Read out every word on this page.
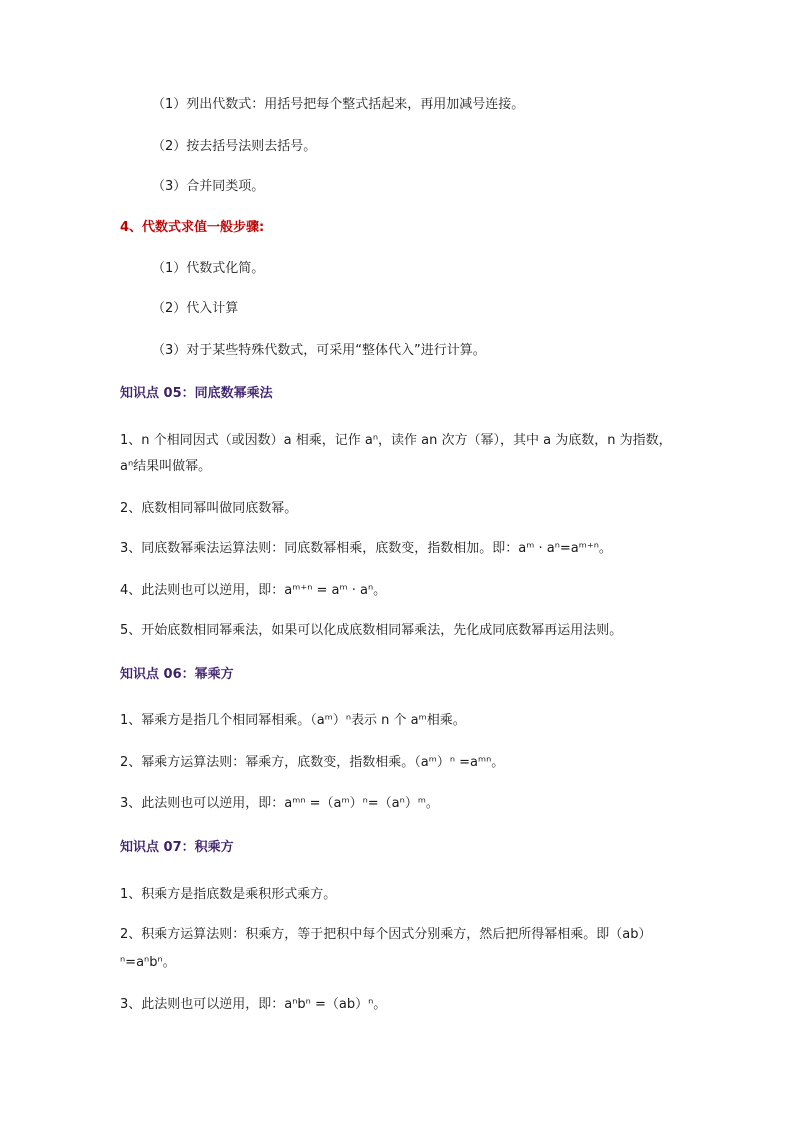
（1）列出代数式：用括号把每个整式括起来，再用加减号连接。
（2）按去括号法则去括号。
（3）合并同类项。
4、代数式求值一般步骤:
（1）代数式化简。
（2）代入计算
（3）对于某些特殊代数式，可采用“整体代入”进行计算。
知识点 05：同底数幂乘法
1、n 个相同因式（或因数）a 相乘，记作 aⁿ，读作 an 次方（幂），其中 a 为底数，n 为指数，
aⁿ结果叫做幂。
2、底数相同幂叫做同底数幂。
3、同底数幂乘法运算法则：同底数幂相乘，底数变，指数相加。即：aᵐ · aⁿ=aᵐ⁺ⁿ。
4、此法则也可以逆用，即：aᵐ⁺ⁿ = aᵐ · aⁿ。
5、开始底数相同幂乘法，如果可以化成底数相同幂乘法，先化成同底数幂再运用法则。
知识点 06：幂乘方
1、幂乘方是指几个相同幂相乘。（aᵐ）ⁿ表示 n 个 aᵐ相乘。
2、幂乘方运算法则：幂乘方，底数变，指数相乘。（aᵐ）ⁿ =aᵐⁿ。
3、此法则也可以逆用，即：aᵐⁿ =（aᵐ）ⁿ=（aⁿ）ᵐ。
知识点 07：积乘方
1、积乘方是指底数是乘积形式乘方。
2、积乘方运算法则：积乘方，等于把积中每个因式分别乘方，然后把所得幂相乘。即（ab）
ⁿ=aⁿbⁿ。
3、此法则也可以逆用，即：aⁿbⁿ =（ab）ⁿ。
